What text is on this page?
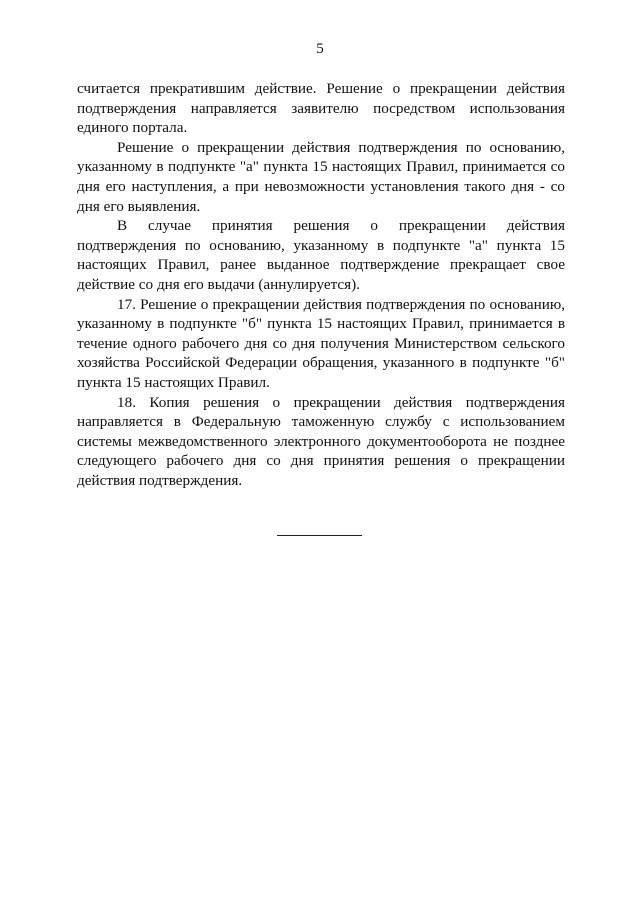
5

считается прекратившим действие. Решение о прекращении действия подтверждения направляется заявителю посредством использования единого портала.

Решение о прекращении действия подтверждения по основанию, указанному в подпункте "а" пункта 15 настоящих Правил, принимается со дня его наступления, а при невозможности установления такого дня - со дня его выявления.

В случае принятия решения о прекращении действия подтверждения по основанию, указанному в подпункте "а" пункта 15 настоящих Правил, ранее выданное подтверждение прекращает свое действие со дня его выдачи (аннулируется).

17. Решение о прекращении действия подтверждения по основанию, указанному в подпункте "б" пункта 15 настоящих Правил, принимается в течение одного рабочего дня со дня получения Министерством сельского хозяйства Российской Федерации обращения, указанного в подпункте "б" пункта 15 настоящих Правил.

18. Копия решения о прекращении действия подтверждения направляется в Федеральную таможенную службу с использованием системы межведомственного электронного документооборота не позднее следующего рабочего дня со дня принятия решения о прекращении действия подтверждения.
